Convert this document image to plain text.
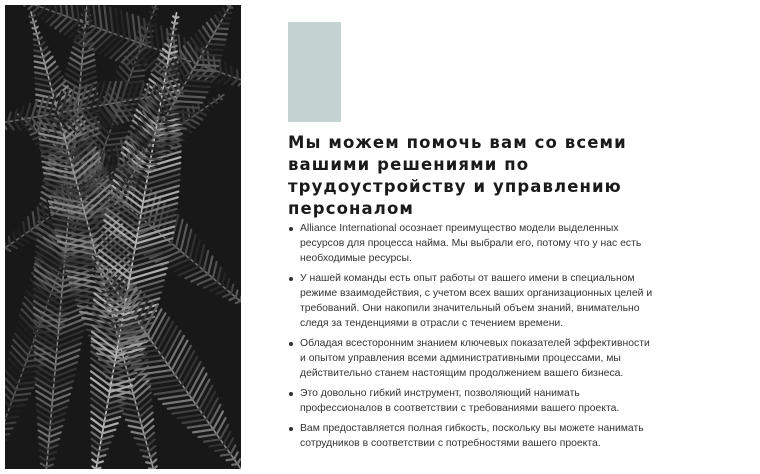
Мы можем помочь вам со всеми вашими решениями по трудоустройству и управлению персоналом
Alliance International осознает преимущество модели выделенных ресурсов для процесса найма. Мы выбрали его, потому что у нас есть необходимые ресурсы.
У нашей команды есть опыт работы от вашего имени в специальном режиме взаимодействия, с учетом всех ваших организационных целей и требований. Они накопили значительный объем знаний, внимательно следя за тенденциями в отрасли с течением времени.
Обладая всесторонним знанием ключевых показателей эффективности и опытом управления всеми административными процессами, мы действительно станем настоящим продолжением вашего бизнеса.
Это довольно гибкий инструмент, позволяющий нанимать профессионалов в соответствии с требованиями вашего проекта.
Вам предоставляется полная гибкость, поскольку вы можете нанимать сотрудников в соответствии с потребностями вашего проекта.
